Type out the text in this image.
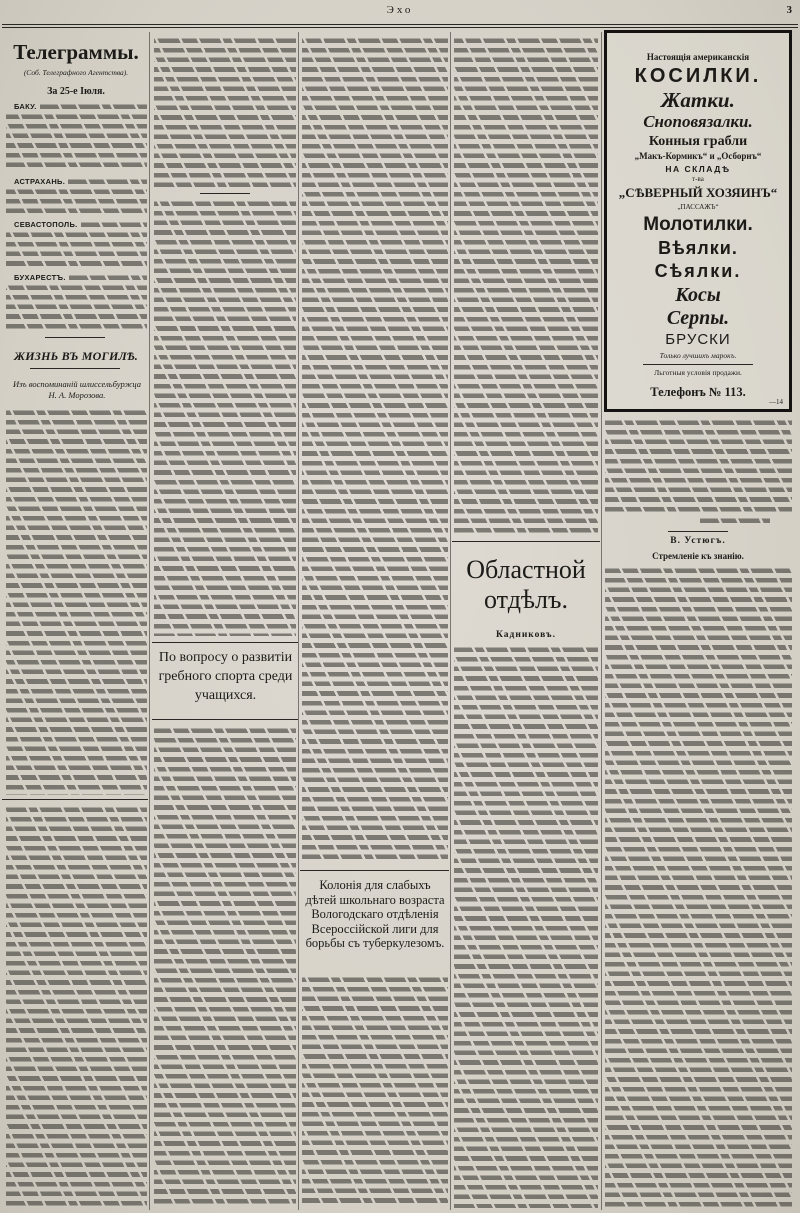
Эхо	3
Телеграммы.
(Соб. Телеграфного Агентства).
За 25-е Іюля.
БАКУ.
АСТРАХАНЬ.
СЕВАСТОПОЛЬ.
БУХАРЕСТЪ.
ЖИЗНЬ ВЪ МОГИЛѢ.
Изъ воспоминаній шлиссельбуржца Н. А. Морозова.
По вопросу о развитіи гребного спорта среди учащихся.
Колонія для слабыхъ дѣтей школьнаго возраста Вологодскаго отдѣленія Всероссійской лиги для борьбы съ туберкулезомъ.
Областной отдѣлъ.
Кадниковъ.
Настоящія американскія
КОСИЛКИ.
Жатки.
Сноповязалки.
Конныя грабли
„Макъ-Кормикъ“ и „Осборнъ“
НА СКЛАДѢ
т-ва
„СѢВЕРНЫЙ ХОЗЯИНЪ“
„ПАССАЖЪ“
Молотилки.
Вѣялки.
Сѣялки.
Косы
Серпы.
БРУСКИ
Только лучшихъ марокъ.
Льготныя условія продажи.
Телефонъ № 113.
—14
В. Устюгъ.
Стремленіе къ знанію.
